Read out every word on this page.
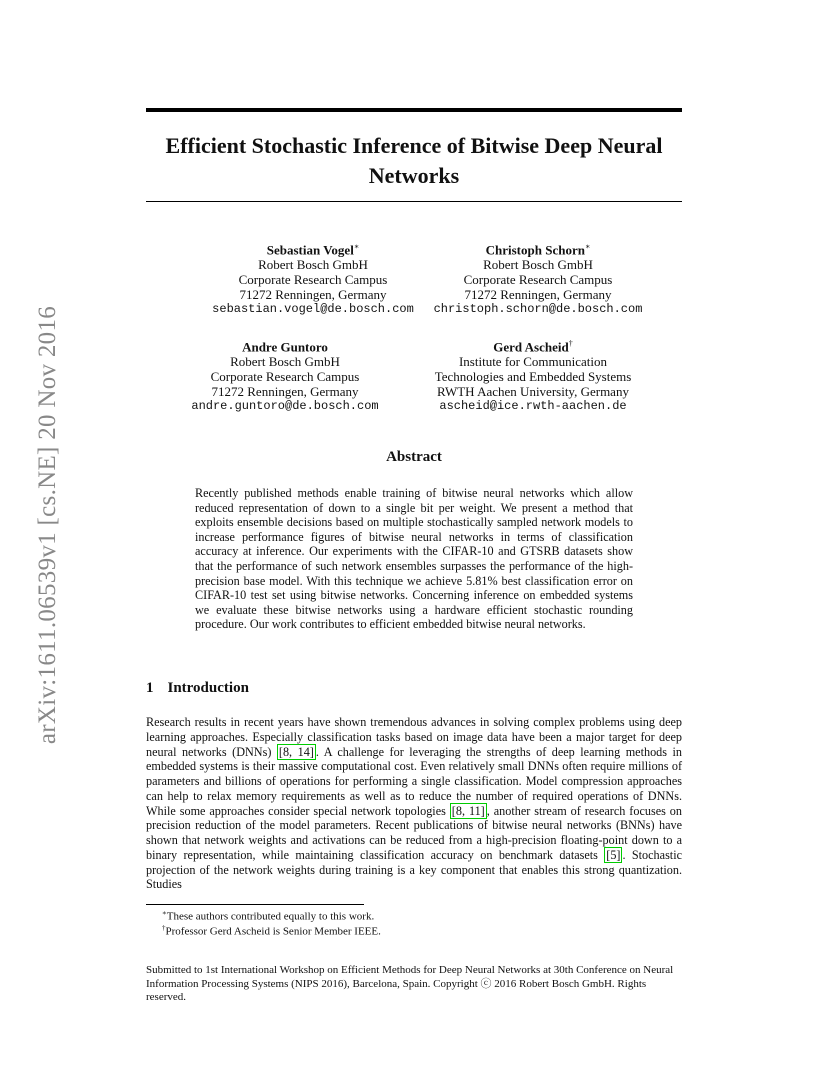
arXiv:1611.06539v1 [cs.NE] 20 Nov 2016
Efficient Stochastic Inference of Bitwise Deep Neural
Networks
Sebastian Vogel∗
Robert Bosch GmbH
Corporate Research Campus
71272 Renningen, Germany
sebastian.vogel@de.bosch.com
Christoph Schorn∗
Robert Bosch GmbH
Corporate Research Campus
71272 Renningen, Germany
christoph.schorn@de.bosch.com
Andre Guntoro
Robert Bosch GmbH
Corporate Research Campus
71272 Renningen, Germany
andre.guntoro@de.bosch.com
Gerd Ascheid†
Institute for Communication
Technologies and Embedded Systems
RWTH Aachen University, Germany
ascheid@ice.rwth-aachen.de
Abstract

Recently published methods enable training of bitwise neural networks which allow reduced representation of down to a single bit per weight. We present a method that exploits ensemble decisions based on multiple stochastically sampled network models to increase performance figures of bitwise neural networks in terms of classification accuracy at inference. Our experiments with the CIFAR-10 and GTSRB datasets show that the performance of such network ensembles surpasses the performance of the high-precision base model. With this technique we achieve 5.81% best classification error on CIFAR-10 test set using bitwise networks. Concerning inference on embedded systems we evaluate these bitwise networks using a hardware efficient stochastic rounding procedure. Our work contributes to efficient embedded bitwise neural networks.

1 Introduction

Research results in recent years have shown tremendous advances in solving complex problems using deep learning approaches. Especially classification tasks based on image data have been a major target for deep neural networks (DNNs) [8, 14] . A challenge for leveraging the strengths of deep learning methods in embedded systems is their massive computational cost. Even relatively small DNNs often require millions of parameters and billions of operations for performing a single classification. Model compression approaches can help to relax memory requirements as well as to reduce the number of required operations of DNNs. While some approaches consider special network topologies [8, 11] , another stream of research focuses on precision reduction of the model parameters. Recent publications of bitwise neural networks (BNNs) have shown that network weights and activations can be reduced from a high-precision floating-point down to a binary representation, while maintaining classification accuracy on benchmark datasets [5] . Stochastic projection of the network weights during training is a key component that enables this strong quantization. Studies

∗These authors contributed equally to this work.
†Professor Gerd Ascheid is Senior Member IEEE.

Submitted to 1st International Workshop on Efficient Methods for Deep Neural Networks at 30th Conference on Neural Information Processing Systems (NIPS 2016), Barcelona, Spain. Copyright ⓒ 2016 Robert Bosch GmbH. Rights reserved.
